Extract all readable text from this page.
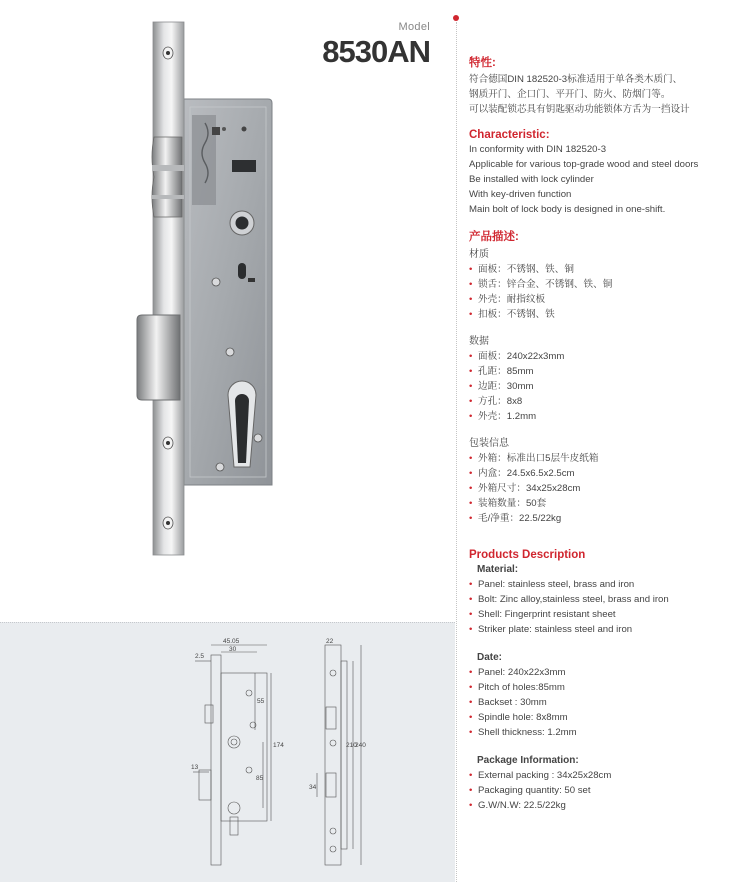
Model
8530AN
45.05
30
2.5
55
174
85
13
22
210
240
34
特性:

符合德国DIN 182520-3标准适用于单各类木质门、

钢质开门、企口门、平开门、防火、防烟门等。

可以装配锁芯具有钥匙驱动功能锁体方舌为一挡设计

Characteristic:

In conformity with DIN 182520-3

Applicable for various top-grade wood and steel doors

Be installed with lock cylinder

With key-driven function

Main bolt of lock body is designed in one-shift.

产品描述:
材质
• 面板：不锈钢、铁、铜
• 锁舌：锌合金、不锈钢、铁、铜
• 外壳：耐指纹板
• 扣板：不锈钢、铁
数据
• 面板：240x22x3mm
• 孔距：85mm
• 边距：30mm
• 方孔：8x8
• 外壳：1.2mm
包装信息
• 外箱：标准出口5层牛皮纸箱
• 内盒：24.5x6.5x2.5cm
• 外箱尺寸：34x25x28cm
• 装箱数量：50套
• 毛/净重：22.5/22kg
Products Description
Material:
• Panel: stainless steel, brass and iron
• Bolt: Zinc alloy,stainless steel, brass and iron
• Shell: Fingerprint resistant sheet
• Striker plate: stainless steel and iron
Date:
• Panel: 240x22x3mm
• Pitch of holes:85mm
• Backset : 30mm
• Spindle hole: 8x8mm
• Shell thickness: 1.2mm
Package Information:
• External packing : 34x25x28cm
• Packaging quantity: 50 set
• G.W/N.W: 22.5/22kg
